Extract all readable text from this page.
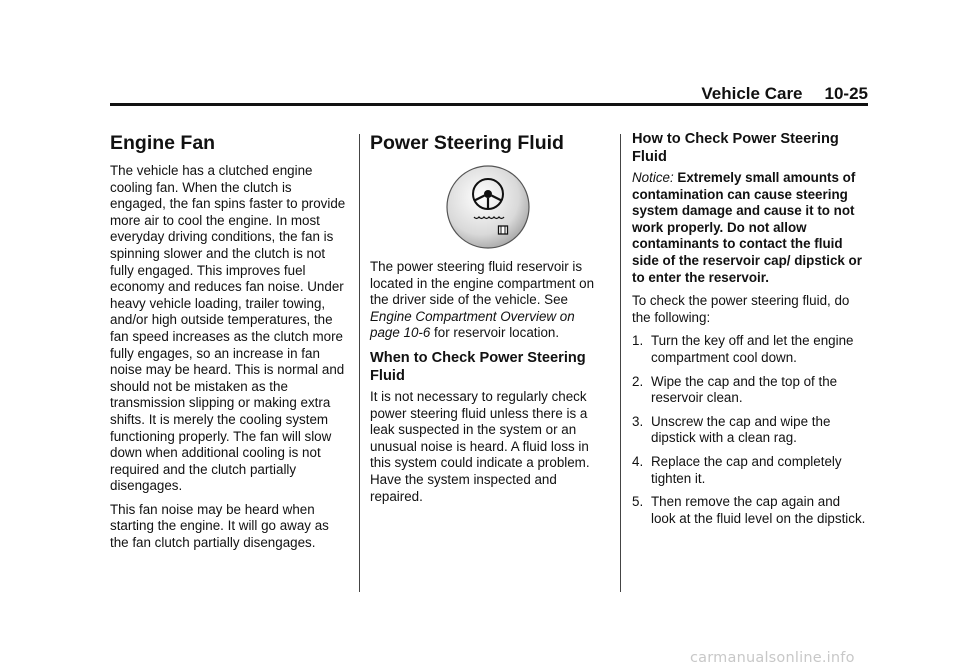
Vehicle Care 10-25
Engine Fan

The vehicle has a clutched engine cooling fan. When the clutch is engaged, the fan spins faster to provide more air to cool the engine. In most everyday driving conditions, the fan is spinning slower and the clutch is not fully engaged. This improves fuel economy and reduces fan noise. Under heavy vehicle loading, trailer towing, and/or high outside temperatures, the fan speed increases as the clutch more fully engages, so an increase in fan noise may be heard. This is normal and should not be mistaken as the transmission slipping or making extra shifts. It is merely the cooling system functioning properly. The fan will slow down when additional cooling is not required and the clutch partially disengages.

This fan noise may be heard when starting the engine. It will go away as the fan clutch partially disengages.

Power Steering Fluid

The power steering fluid reservoir is located in the engine compartment on the driver side of the vehicle. See Engine Compartment Overview on page 10-6 for reservoir location.

When to Check Power Steering Fluid

It is not necessary to regularly check power steering fluid unless there is a leak suspected in the system or an unusual noise is heard. A fluid loss in this system could indicate a problem. Have the system inspected and repaired.

How to Check Power Steering Fluid

Notice: Extremely small amounts of contamination can cause steering system damage and cause it to not work properly. Do not allow contaminants to contact the fluid side of the reservoir cap/ dipstick or to enter the reservoir.

To check the power steering fluid, do the following:

1. Turn the key off and let the engine compartment cool down.
2. Wipe the cap and the top of the reservoir clean.
3. Unscrew the cap and wipe the dipstick with a clean rag.
4. Replace the cap and completely tighten it.
5. Then remove the cap again and look at the fluid level on the dipstick.
carmanualsonline.info
